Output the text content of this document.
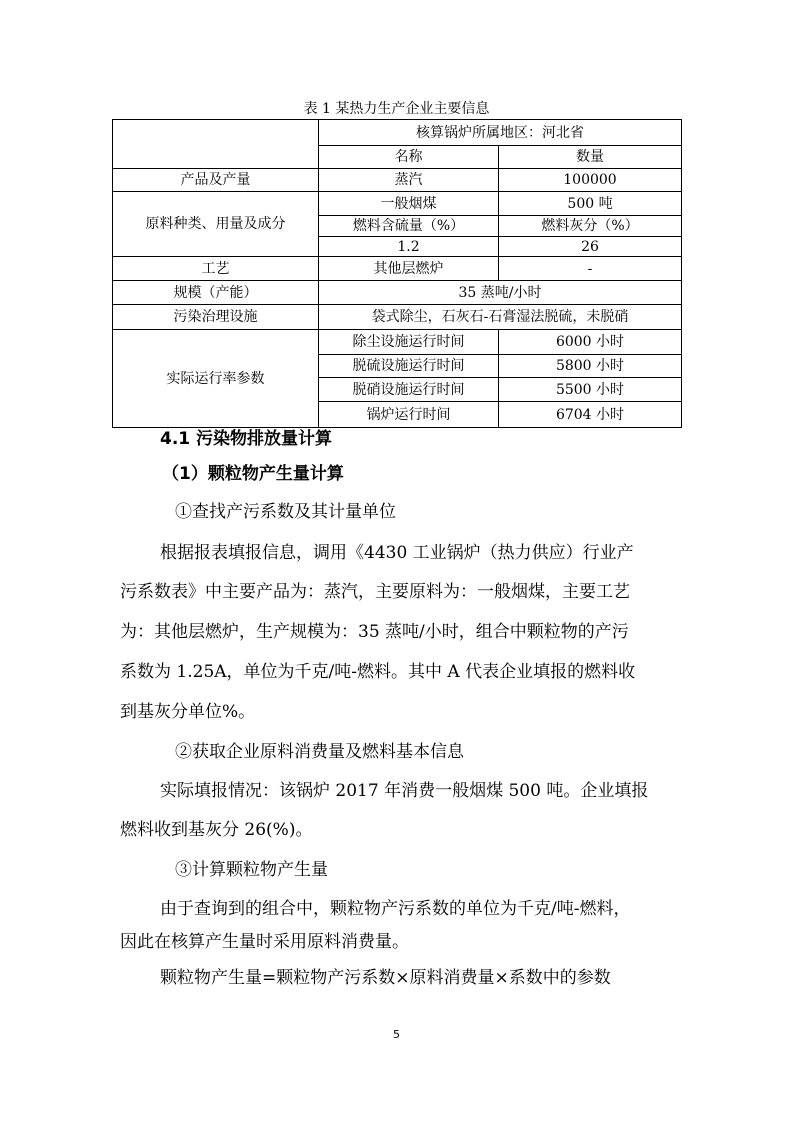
表 1 某热力生产企业主要信息
	核算锅炉所属地区：河北省	
	名称	数量
产品及产量	蒸汽	100000
原料种类、用量及成分	一般烟煤	500 吨
	燃料含硫量（%）	燃料灰分（%）
	1.2	26
工艺	其他层燃炉	-
规模（产能）	35 蒸吨/小时	
污染治理设施	袋式除尘，石灰石-石膏湿法脱硫，未脱硝	
实际运行率参数	除尘设施运行时间	6000 小时
	脱硫设施运行时间	5800 小时
	脱硝设施运行时间	5500 小时
	锅炉运行时间	6704 小时
4.1 污染物排放量计算
（1）颗粒物产生量计算
①查找产污系数及其计量单位
根据报表填报信息，调用《4430 工业锅炉（热力供应）行业产
污系数表》中主要产品为：蒸汽，主要原料为：一般烟煤，主要工艺
为：其他层燃炉，生产规模为：35 蒸吨/小时，组合中颗粒物的产污
系数为 1.25A，单位为千克/吨-燃料。其中 A 代表企业填报的燃料收
到基灰分单位%。
②获取企业原料消费量及燃料基本信息
实际填报情况：该锅炉 2017 年消费一般烟煤 500 吨。企业填报
燃料收到基灰分 26(%)。
③计算颗粒物产生量
由于查询到的组合中，颗粒物产污系数的单位为千克/吨-燃料，
因此在核算产生量时采用原料消费量。
颗粒物产生量=颗粒物产污系数×原料消费量×系数中的参数
5
